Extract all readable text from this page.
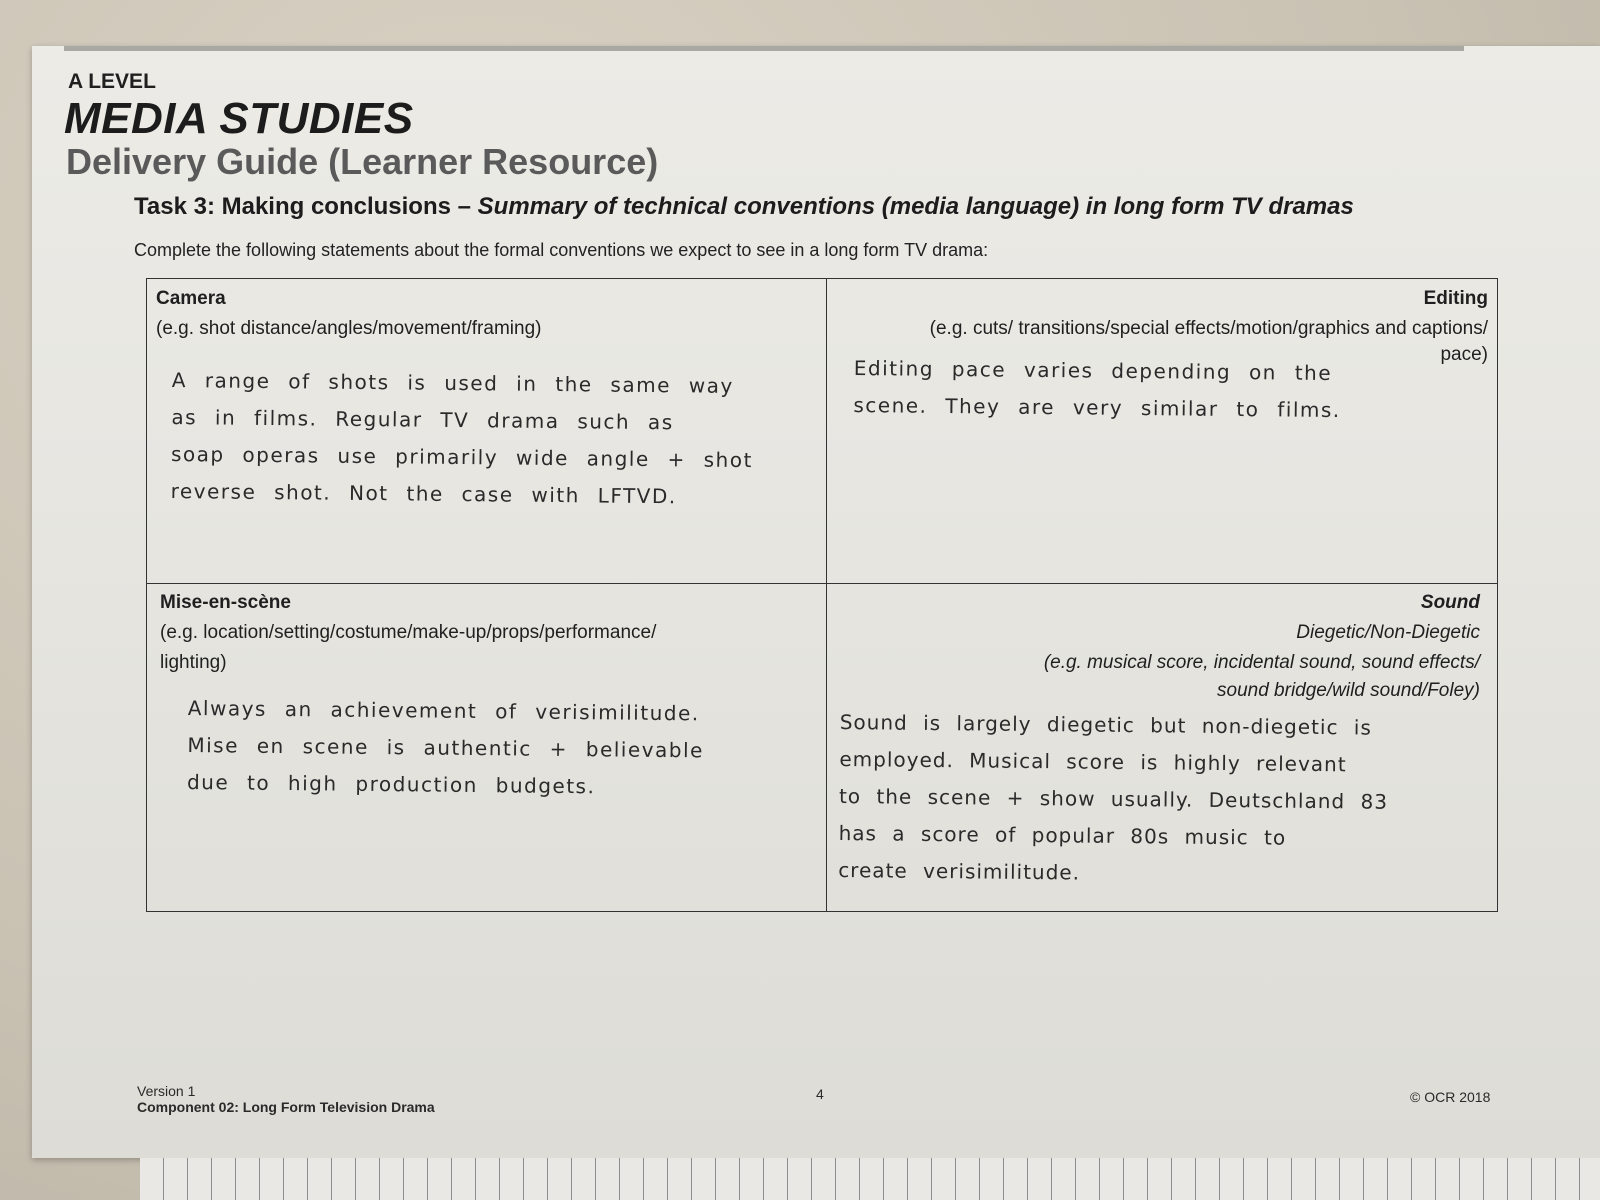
A LEVEL
MEDIA STUDIES
Delivery Guide (Learner Resource)
Task 3: Making conclusions – Summary of technical conventions (media language) in long form TV dramas
Complete the following statements about the formal conventions we expect to see in a long form TV drama:
Camera
(e.g. shot distance/angles/movement/framing)
A range of shots is used in the same way
as in films. Regular TV drama such as
soap operas use primarily wide angle + shot
reverse shot. Not the case with LFTVD.
Editing
(e.g. cuts/ transitions/special effects/motion/graphics and captions/
pace)
Editing pace varies depending on the
scene. They are very similar to films.
Mise-en-scène
(e.g. location/setting/costume/make-up/props/performance/
lighting)
Always an achievement of verisimilitude.
Mise en scene is authentic + believable
due to high production budgets.
Sound
Diegetic/Non-Diegetic
(e.g. musical score, incidental sound, sound effects/
sound bridge/wild sound/Foley)
Sound is largely diegetic but non-diegetic is
employed. Musical score is highly relevant
to the scene + show usually. Deutschland 83
has a score of popular 80s music to
create verisimilitude.
Version 1
Component 02: Long Form Television Drama
4	© OCR 2018
